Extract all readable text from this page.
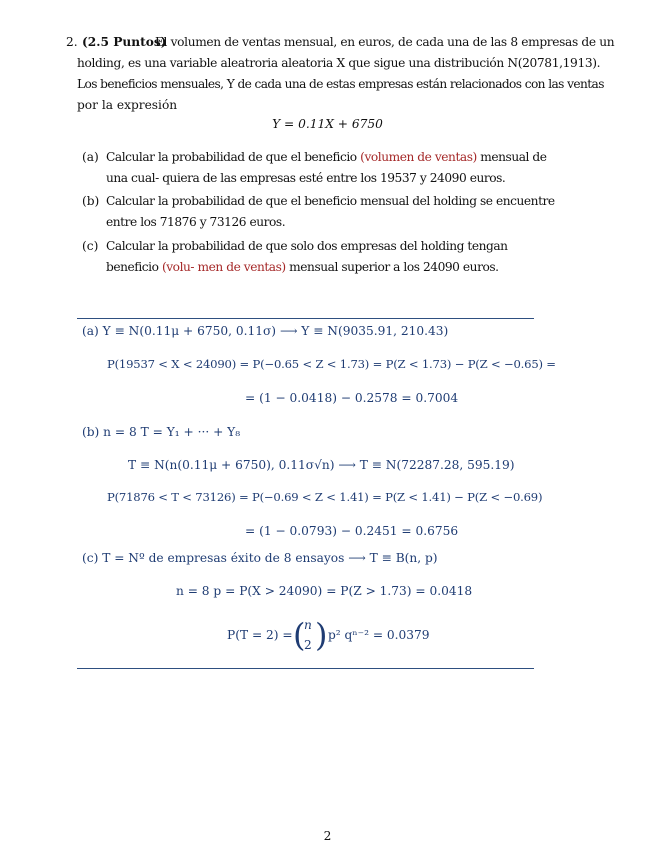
2. (2.5 Puntos)
El volumen de ventas mensual, en euros, de cada una de las 8 empresas de un
holding, es una variable aleatroria aleatoria X que sigue una distribución N(20781,1913).
Los beneficios mensuales, Y de cada una de estas empresas están relacionados con las ventas
por la expresión
Y = 0.11X + 6750
(a) Calcular la probabilidad de que el beneficio (volumen de ventas) mensual de una cual- quiera de las empresas esté entre los 19537 y 24090 euros.
(b) Calcular la probabilidad de que el beneficio mensual del holding se encuentre entre los 71876 y 73126 euros.
(c) Calcular la probabilidad de que solo dos empresas del holding tengan beneficio (volu- men de ventas) mensual superior a los 24090 euros.
(a) Y ≡ N(0.11μ + 6750, 0.11σ) ⟶ Y ≡ N(9035.91, 210.43)
P(19537 < X < 24090) = P(−0.65 < Z < 1.73) = P(Z < 1.73) − P(Z < −0.65) =
= (1 − 0.0418) − 0.2578 = 0.7004
(b) n = 8 T = Y₁ + ··· + Y₈
T ≡ N(n(0.11μ + 6750), 0.11σ√n) ⟶ T ≡ N(72287.28, 595.19)
P(71876 < T < 73126) = P(−0.69 < Z < 1.41) = P(Z < 1.41) − P(Z < −0.69)
= (1 − 0.0793) − 0.2451 = 0.6756
(c) T = Nº de empresas éxito de 8 ensayos ⟶ T ≡ B(n, p)
n = 8 p = P(X > 24090) = P(Z > 1.73) = 0.0418
P(T = 2) = (
n
2 ) p² qⁿ⁻² = 0.0379
2
